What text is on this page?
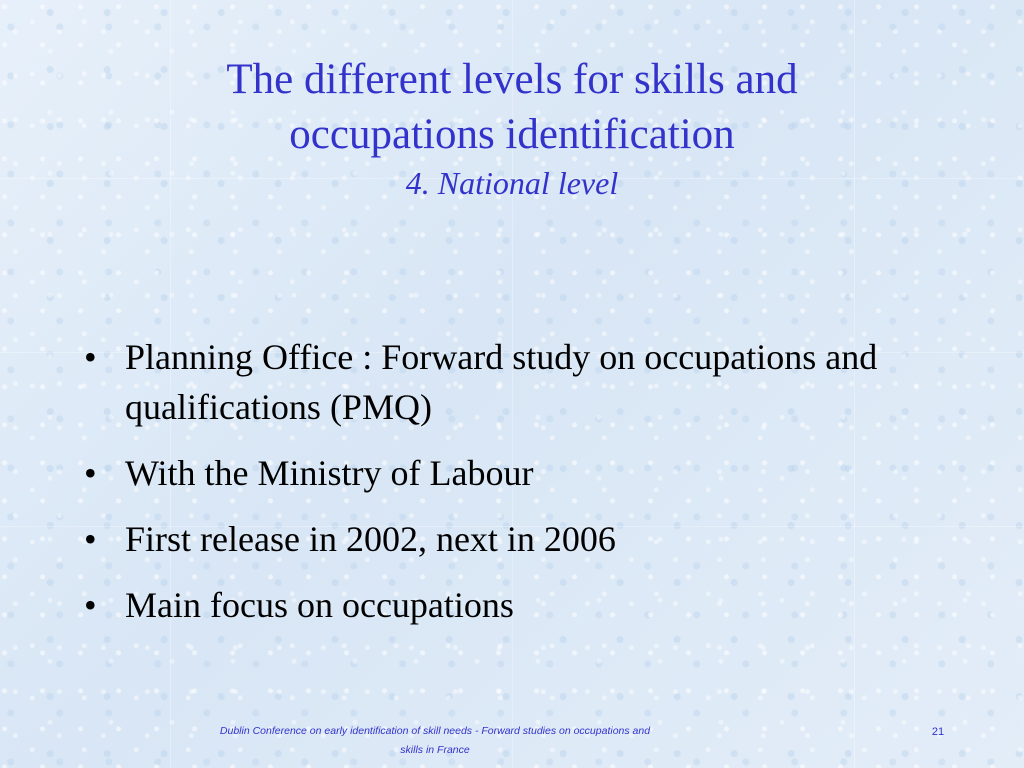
The different levels for skills and occupations identification
4. National level
• Planning Office : Forward study on occupations and qualifications (PMQ)
• With the Ministry of Labour
• First release in 2002, next in 2006
• Main focus on occupations
Dublin Conference on early identification of skill needs - Forward studies on occupations and skills in France
21
